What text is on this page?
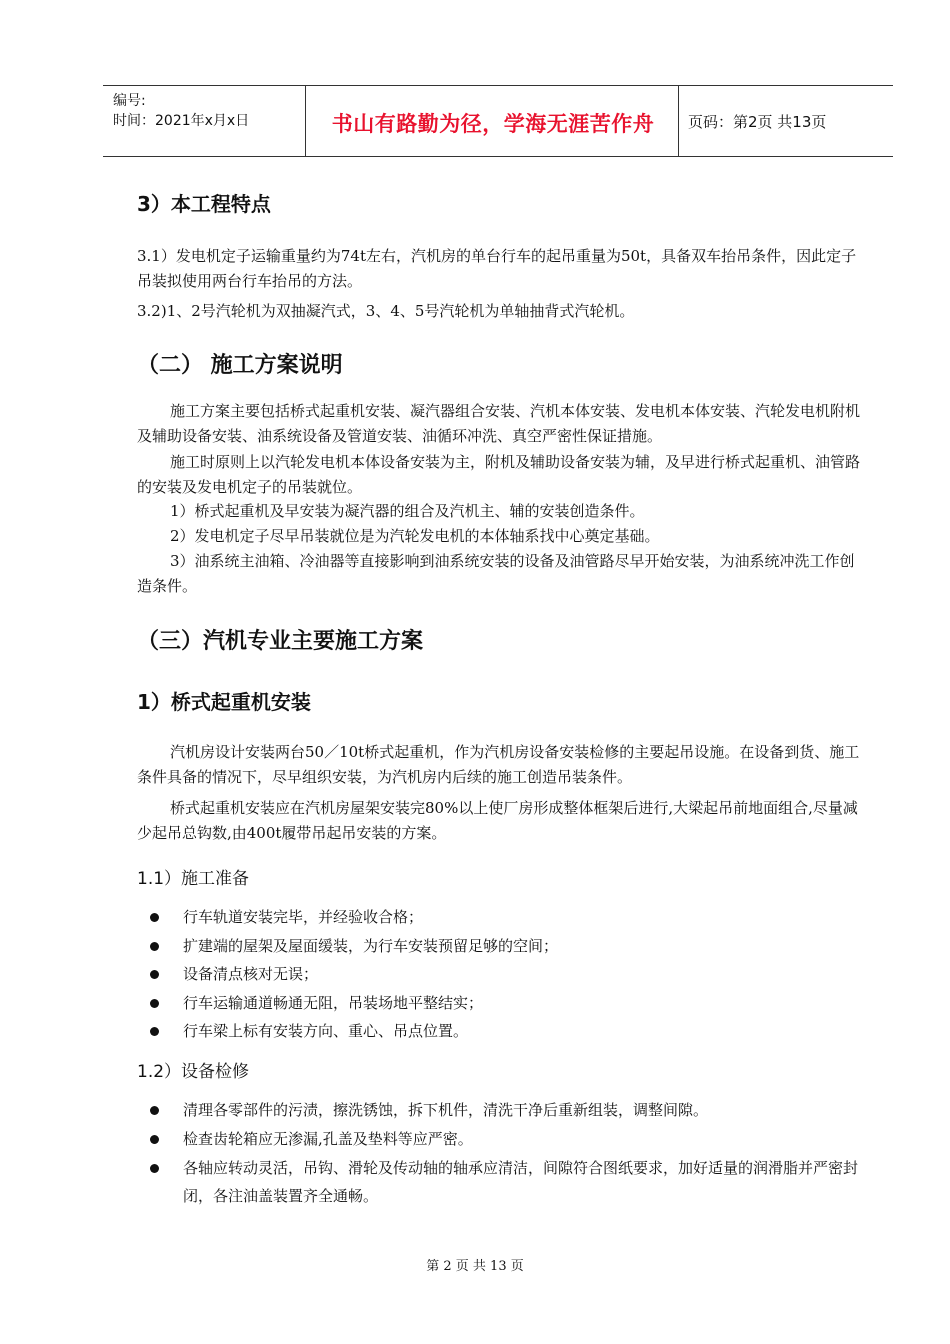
编号:
时间：2021年x月x日	书山有路勤为径，学海无涯苦作舟	页码：第2页 共13页
3）本工程特点
3.1）发电机定子运输重量约为74t左右，汽机房的单台行车的起吊重量为50t，具备双车抬吊条件，因此定子吊装拟使用两台行车抬吊的方法。
3.2)1、2号汽轮机为双抽凝汽式，3、4、5号汽轮机为单轴抽背式汽轮机。
（二） 施工方案说明
施工方案主要包括桥式起重机安装、凝汽器组合安装、汽机本体安装、发电机本体安装、汽轮发电机附机及辅助设备安装、油系统设备及管道安装、油循环冲洗、真空严密性保证措施。
施工时原则上以汽轮发电机本体设备安装为主，附机及辅助设备安装为辅，及早进行桥式起重机、油管路的安装及发电机定子的吊装就位。
1）桥式起重机及早安装为凝汽器的组合及汽机主、辅的安装创造条件。
2）发电机定子尽早吊装就位是为汽轮发电机的本体轴系找中心奠定基础。
3）油系统主油箱、冷油器等直接影响到油系统安装的设备及油管路尽早开始安装，为油系统冲洗工作创造条件。
（三）汽机专业主要施工方案
1）桥式起重机安装
汽机房设计安装两台50／10t桥式起重机，作为汽机房设备安装检修的主要起吊设施。在设备到货、施工条件具备的情况下，尽早组织安装，为汽机房内后续的施工创造吊装条件。
桥式起重机安装应在汽机房屋架安装完80%以上使厂房形成整体框架后进行,大梁起吊前地面组合,尽量减少起吊总钩数,由400t履带吊起吊安装的方案。
1.1）施工准备
行车轨道安装完毕，并经验收合格；
扩建端的屋架及屋面缓装，为行车安装预留足够的空间；
设备清点核对无误；
行车运输通道畅通无阻，吊装场地平整结实；
行车梁上标有安装方向、重心、吊点位置。
1.2）设备检修
清理各零部件的污渍，擦洗锈蚀，拆下机件，清洗干净后重新组装，调整间隙。
检查齿轮箱应无渗漏,孔盖及垫料等应严密。
各轴应转动灵活，吊钩、滑轮及传动轴的轴承应清洁，间隙符合图纸要求，加好适量的润滑脂并严密封闭，各注油盖装置齐全通畅。
第 2 页 共 13 页
